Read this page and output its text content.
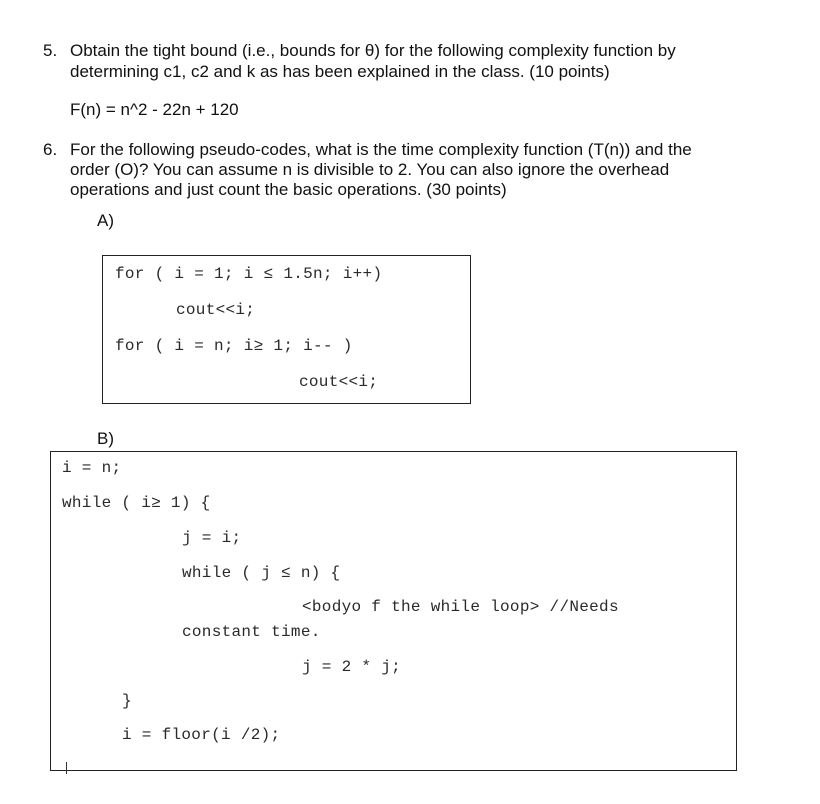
5. Obtain the tight bound (i.e., bounds for θ) for the following complexity function by
determining c1, c2 and k as has been explained in the class. (10 points)
F(n) = n^2 - 22n + 120
6. For the following pseudo-codes, what is the time complexity function (T(n)) and the
order (O)? You can assume n is divisible to 2. You can also ignore the overhead
operations and just count the basic operations. (30 points)
A)
for ( i = 1; i ≤ 1.5n; i++)
cout<<i;
for ( i = n; i≥ 1; i-- )
cout<<i;
B)
i = n;
while ( i≥ 1) {
j = i;
while ( j ≤ n) {
<bodyo f the while loop> //Needs
constant time.
j = 2 * j;
}
i = floor(i /2);
